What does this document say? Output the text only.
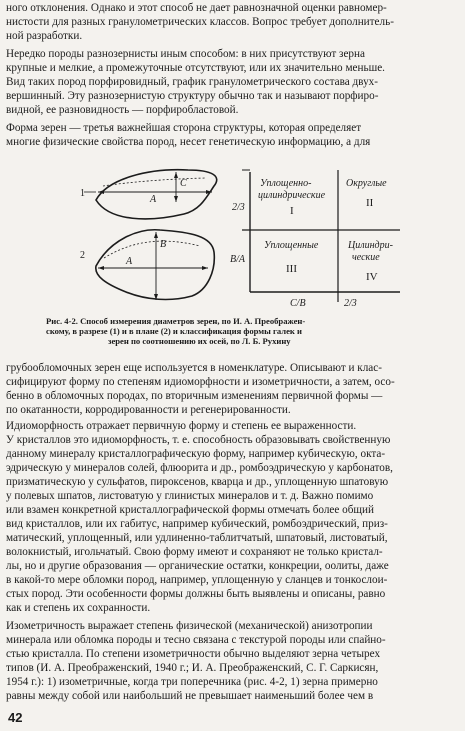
ного отклонения. Однако и этот способ не дает равнозначной оценки равномер-
нистости для разных гранулометрических классов. Вопрос требует дополнитель-
ной разработки.
Нередко породы разнозернисты иным способом: в них присутствуют зерна
крупные и мелкие, а промежуточные отсутствуют, или их значительно меньше.
Вид таких пород порфировидный, график гранулометрического состава двух-
вершинный. Эту разнозернистую структуру обычно так и называют порфиро-
видной, ее разновидность — порфиробластовой.
Форма зерен — третья важнейшая сторона структуры, которая определяет
многие физические свойства пород, несет генетическую информацию, а для
1
A
C
2
B
A
Уплощенно-
цилиндрические
I
Округлые
II
Уплощенные
III
Цилиндри-
ческие
IV
2/3
B/A
C/B	2/3
Рис. 4-2. Способ измерения диаметров зерен, по И. А. Преображен-
скому, в разрезе (1) и в плане (2) и классификация формы галек и
зерен по соотношению их осей, по Л. Б. Рухину
грубообломочных зерен еще используется в номенклатуре. Описывают и клас-
сифицируют форму по степеням идиоморфности и изометричности, а затем, осо-
бенно в обломочных породах, по вторичным изменениям первичной формы —
по окатанности, корродированности и регенерированности.
Идиоморфность отражает первичную форму и степень ее выраженности.
У кристаллов это идиоморфность, т. е. способность образовывать свойственную
данному минералу кристаллографическую форму, например кубическую, окта-
эдрическую у минералов солей, флюорита и др., ромбоэдрическую у карбонатов,
призматическую у сульфатов, пироксенов, кварца и др., уплощенную шпатовую
у полевых шпатов, листоватую у глинистых минералов и т. д. Важно помимо
или взамен конкретной кристаллографической формы отмечать более общий
вид кристаллов, или их габитус, например кубический, ромбоэдрический, приз-
матический, уплощенный, или удлиненно-таблитчатый, шпатовый, листоватый,
волокнистый, игольчатый. Свою форму имеют и сохраняют не только кристал-
лы, но и другие образования — органические остатки, конкреции, оолиты, даже
в какой-то мере обломки пород, например, уплощенную у сланцев и тонкослои-
стых пород. Эти особенности формы должны быть выявлены и описаны, равно
как и степень их сохранности.
Изометричность выражает степень физической (механической) анизотропии
минерала или обломка породы и тесно связана с текстурой породы или спайно-
стью кристалла. По степени изометричности обычно выделяют зерна четырех
типов (И. А. Преображенский, 1940 г.; И. А. Преображенский, С. Г. Саркисян,
1954 г.): 1) изометричные, когда три поперечника (рис. 4-2, 1) зерна примерно
равны между собой или наибольший не превышает наименьший более чем в
42
